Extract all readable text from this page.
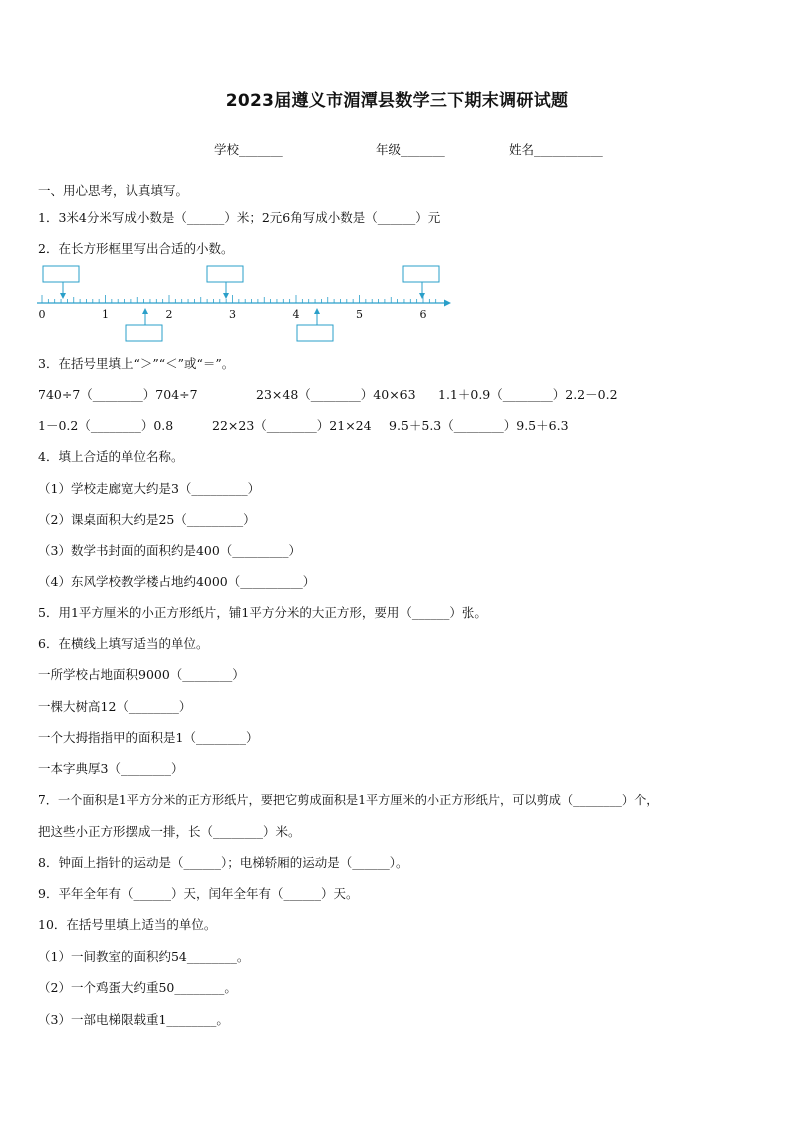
2023届遵义市湄潭县数学三下期末调研试题
学校_______	年级_______	姓名___________
一、用心思考，认真填写。
1．3米4分米写成小数是（______）米；2元6角写成小数是（______）元
2．在长方形框里写出合适的小数。
0	1	2	3	4	5	6
3．在括号里填上“＞”“＜”或“＝”。
740÷7（________）704÷7	23×48（________）40×63 1.1＋0.9（________）2.2－0.2
1－0.2（________）0.8	22×23（________）21×24 9.5＋5.3（________）9.5＋6.3
4．填上合适的单位名称。
（1）学校走廊宽大约是3（_________）
（2）课桌面积大约是25（_________）
（3）数学书封面的面积约是400（_________）
（4）东风学校教学楼占地约4000（__________）
5．用1平方厘米的小正方形纸片，铺1平方分米的大正方形，要用（______）张。
6．在横线上填写适当的单位。
一所学校占地面积9000（________）
一棵大树高12（________）
一个大拇指指甲的面积是1（________）
一本字典厚3（________）
7．一个面积是1平方分米的正方形纸片，要把它剪成面积是1平方厘米的小正方形纸片，可以剪成（________）个，
把这些小正方形摆成一排，长（________）米。
8．钟面上指针的运动是（______）；电梯轿厢的运动是（______）。
9．平年全年有（______）天，闰年全年有（______）天。
10．在括号里填上适当的单位。
（1）一间教室的面积约54________。
（2）一个鸡蛋大约重50________。
（3）一部电梯限载重1________。
